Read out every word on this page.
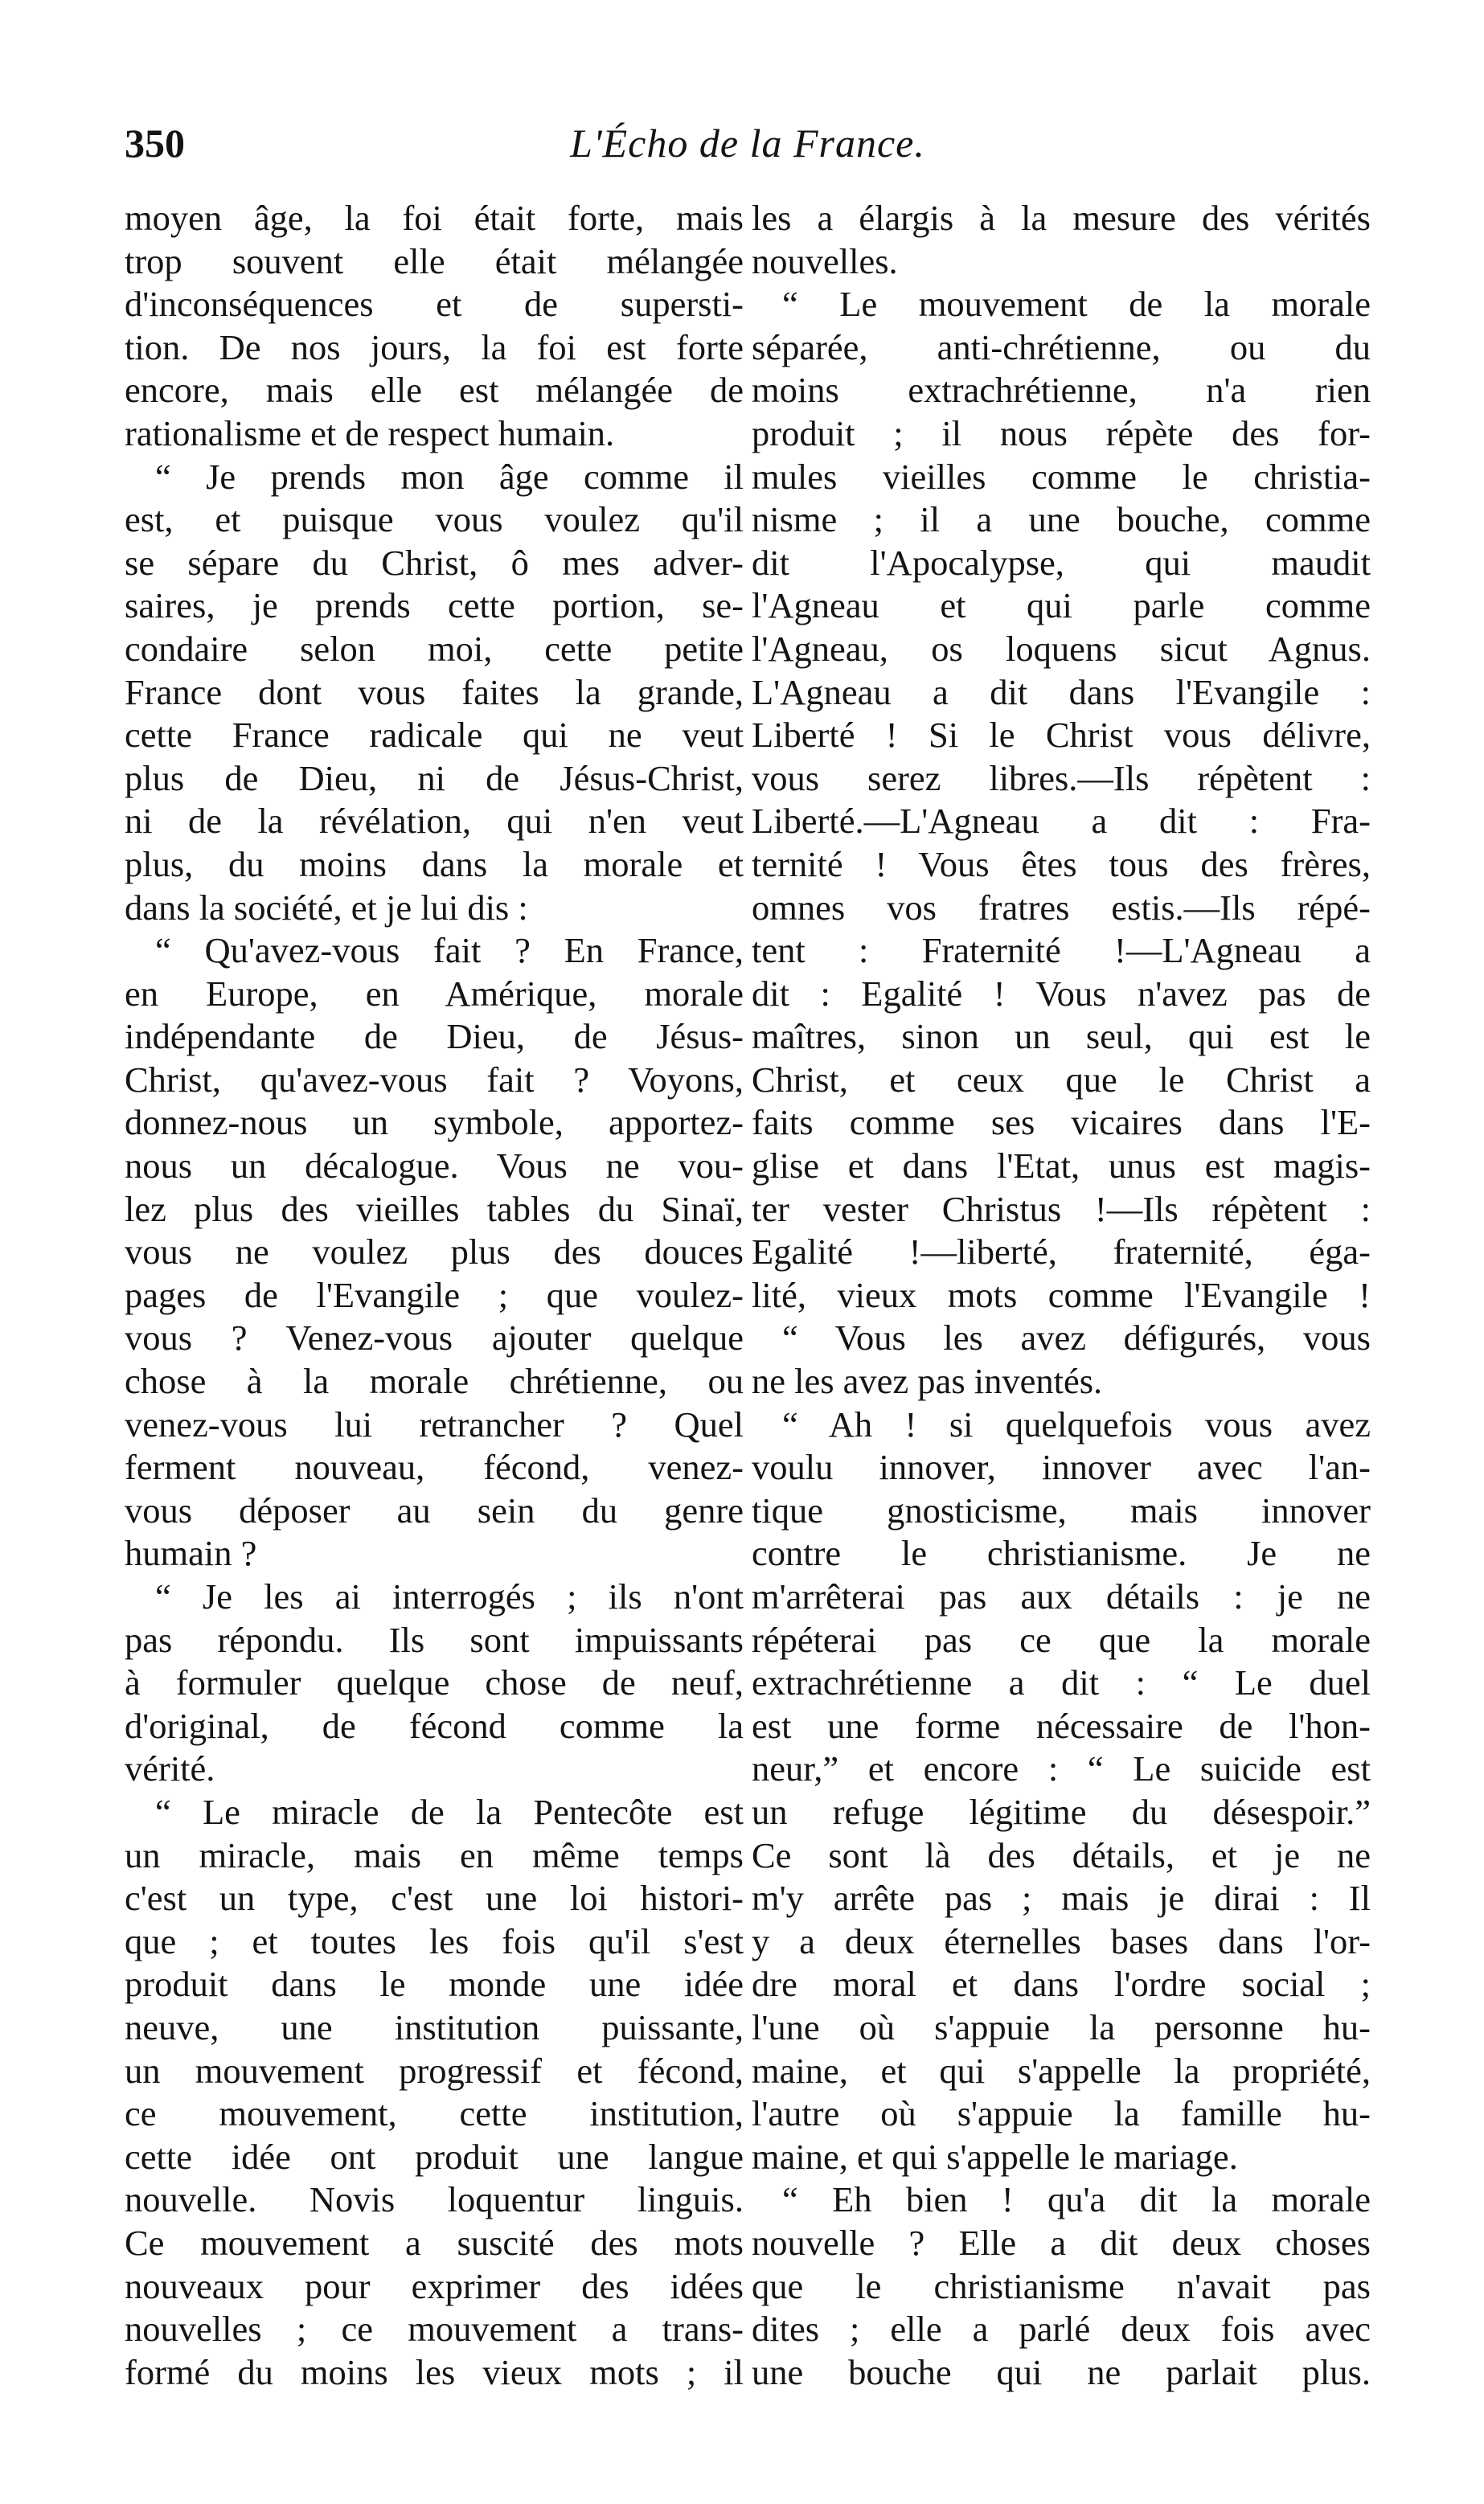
350	L'Écho de la France.
moyen âge, la foi était forte, mais
trop souvent elle était mélangée
d'inconséquences et de supersti-
tion. De nos jours, la foi est forte
encore, mais elle est mélangée de
rationalisme et de respect humain.
“ Je prends mon âge comme il
est, et puisque vous voulez qu'il
se sépare du Christ, ô mes adver-
saires, je prends cette portion, se-
condaire selon moi, cette petite
France dont vous faites la grande,
cette France radicale qui ne veut
plus de Dieu, ni de Jésus-Christ,
ni de la révélation, qui n'en veut
plus, du moins dans la morale et
dans la société, et je lui dis :
“ Qu'avez-vous fait ? En France,
en Europe, en Amérique, morale
indépendante de Dieu, de Jésus-
Christ, qu'avez-vous fait ? Voyons,
donnez-nous un symbole, apportez-
nous un décalogue. Vous ne vou-
lez plus des vieilles tables du Sinaï,
vous ne voulez plus des douces
pages de l'Evangile ; que voulez-
vous ? Venez-vous ajouter quelque
chose à la morale chrétienne, ou
venez-vous lui retrancher ? Quel
ferment nouveau, fécond, venez-
vous déposer au sein du genre
humain ?
“ Je les ai interrogés ; ils n'ont
pas répondu. Ils sont impuissants
à formuler quelque chose de neuf,
d'original, de fécond comme la
vérité.
“ Le miracle de la Pentecôte est
un miracle, mais en même temps
c'est un type, c'est une loi histori-
que ; et toutes les fois qu'il s'est
produit dans le monde une idée
neuve, une institution puissante,
un mouvement progressif et fécond,
ce mouvement, cette institution,
cette idée ont produit une langue
nouvelle. Novis loquentur linguis.
Ce mouvement a suscité des mots
nouveaux pour exprimer des idées
nouvelles ; ce mouvement a trans-
formé du moins les vieux mots ; il
les a élargis à la mesure des vérités
nouvelles.
“ Le mouvement de la morale
séparée, anti-chrétienne, ou du
moins extrachrétienne, n'a rien
produit ; il nous répète des for-
mules vieilles comme le christia-
nisme ; il a une bouche, comme
dit l'Apocalypse, qui maudit
l'Agneau et qui parle comme
l'Agneau, os loquens sicut Agnus.
L'Agneau a dit dans l'Evangile :
Liberté ! Si le Christ vous délivre,
vous serez libres.—Ils répètent :
Liberté.—L'Agneau a dit : Fra-
ternité ! Vous êtes tous des frères,
omnes vos fratres estis.—Ils répé-
tent : Fraternité !—L'Agneau a
dit : Egalité ! Vous n'avez pas de
maîtres, sinon un seul, qui est le
Christ, et ceux que le Christ a
faits comme ses vicaires dans l'E-
glise et dans l'Etat, unus est magis-
ter vester Christus !—Ils répètent :
Egalité !—liberté, fraternité, éga-
lité, vieux mots comme l'Evangile !
“ Vous les avez défigurés, vous
ne les avez pas inventés.
“ Ah ! si quelquefois vous avez
voulu innover, innover avec l'an-
tique gnosticisme, mais innover
contre le christianisme. Je ne
m'arrêterai pas aux détails : je ne
répéterai pas ce que la morale
extrachrétienne a dit : “ Le duel
est une forme nécessaire de l'hon-
neur,” et encore : “ Le suicide est
un refuge légitime du désespoir.”
Ce sont là des détails, et je ne
m'y arrête pas ; mais je dirai : Il
y a deux éternelles bases dans l'or-
dre moral et dans l'ordre social ;
l'une où s'appuie la personne hu-
maine, et qui s'appelle la propriété,
l'autre où s'appuie la famille hu-
maine, et qui s'appelle le mariage.
“ Eh bien ! qu'a dit la morale
nouvelle ? Elle a dit deux choses
que le christianisme n'avait pas
dites ; elle a parlé deux fois avec
une bouche qui ne parlait plus.
